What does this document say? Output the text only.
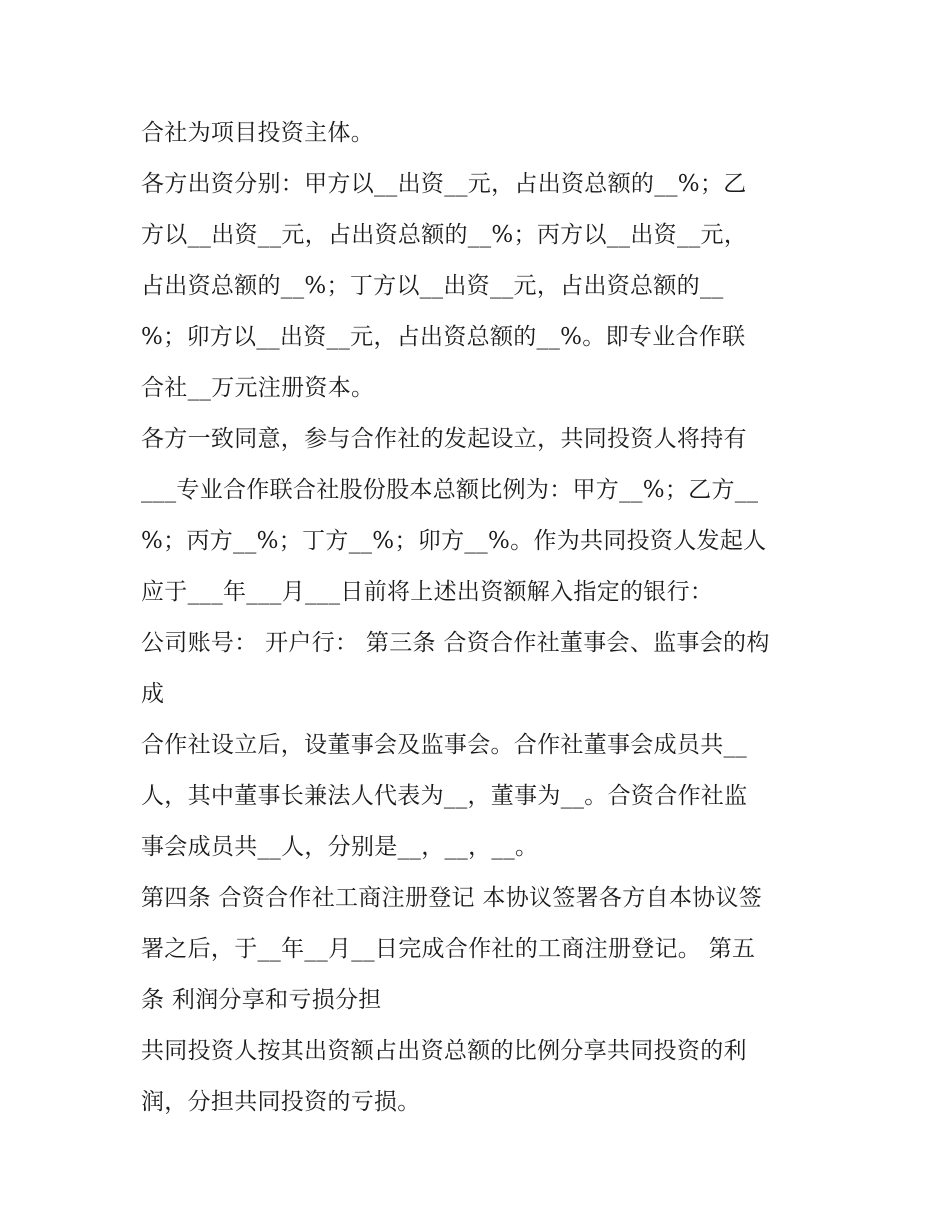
合社为项目投资主体。
各方出资分别：甲方以__出资__元，占出资总额的__%；乙
方以__出资__元，占出资总额的__%；丙方以__出资__元，
占出资总额的__%；丁方以__出资__元，占出资总额的__
%；卯方以__出资__元，占出资总额的__%。即专业合作联
合社__万元注册资本。
各方一致同意，参与合作社的发起设立，共同投资人将持有
___专业合作联合社股份股本总额比例为：甲方__%；乙方__
%；丙方__%；丁方__%；卯方__%。作为共同投资人发起人
应于___年___月___日前将上述出资额解入指定的银行：
公司账号： 开户行： 第三条 合资合作社董事会、监事会的构
成
合作社设立后，设董事会及监事会。合作社董事会成员共__
人，其中董事长兼法人代表为__，董事为__。合资合作社监
事会成员共__人，分别是__，__，__。
第四条 合资合作社工商注册登记 本协议签署各方自本协议签
署之后，于__年__月__日完成合作社的工商注册登记。 第五
条 利润分享和亏损分担
共同投资人按其出资额占出资总额的比例分享共同投资的利
润，分担共同投资的亏损。
